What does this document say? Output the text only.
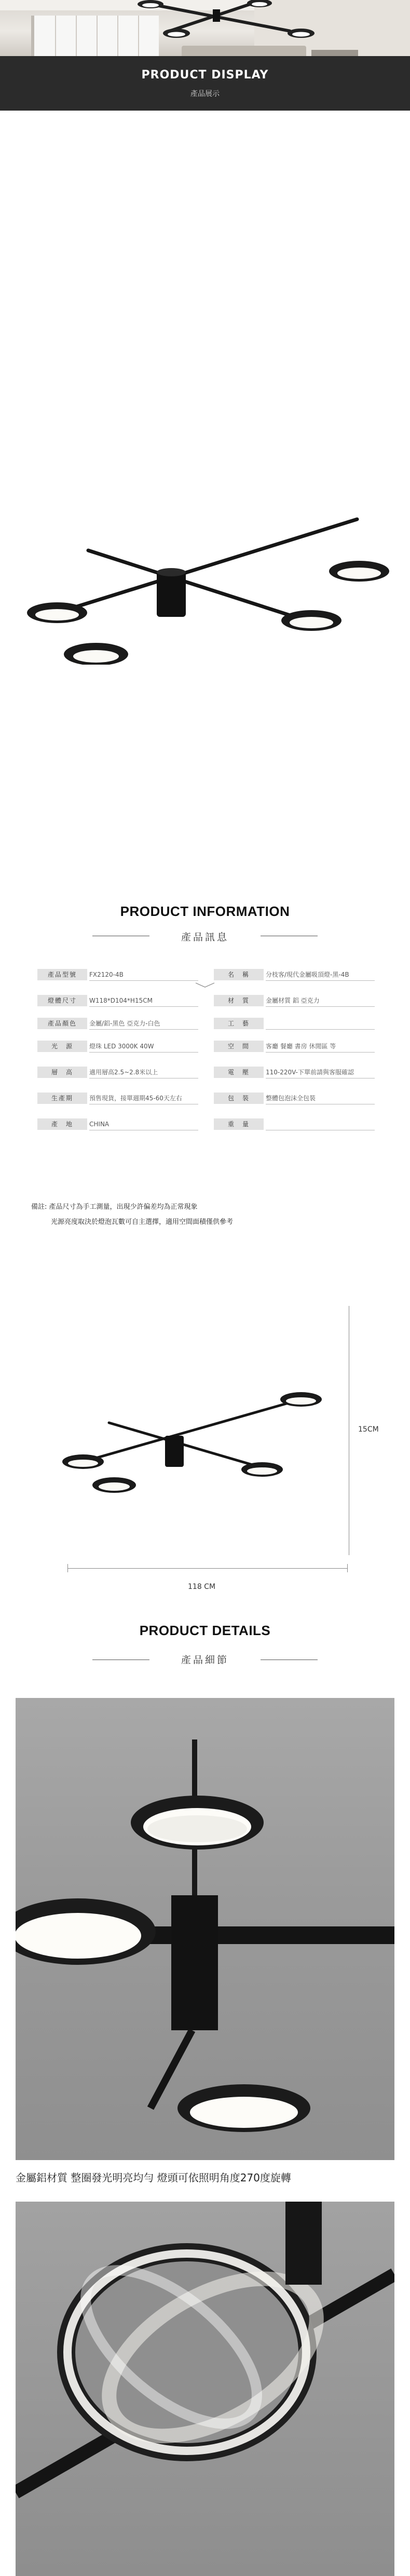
PRODUCT DISPLAY
產品展示
PRODUCT INFORMATION
產品訊息
產品型號	FX2120-4B	名　稱	分枝客/現代金屬吸頂燈-黑-4B
燈體尺寸	W118*D104*H15CM	材　質	金屬材質 鋁 亞克力
產品顏色	金屬/鋁-黑色 亞克力-白色	工　藝
光　源	燈珠 LED 3000K 40W	空　間	客廳 餐廳 書房 休閒區 等
層　高	適用層高2.5~2.8米以上	電　壓	110-220V-下單前請與客服確認
生產期	預售現貨，接單週期45-60天左右	包　裝	整體包泡沫全包裝
產　地	CHINA	重　量
備註: 產品尺寸為手工測量，出現少許偏差均為正常現象
光源亮度取決於燈泡瓦數可自主選擇，適用空間面積僅供參考
15CM
118 CM
PRODUCT DETAILS
產品細節
金屬鋁材質 整圈發光明亮均勻 燈頭可依照明角度270度旋轉
